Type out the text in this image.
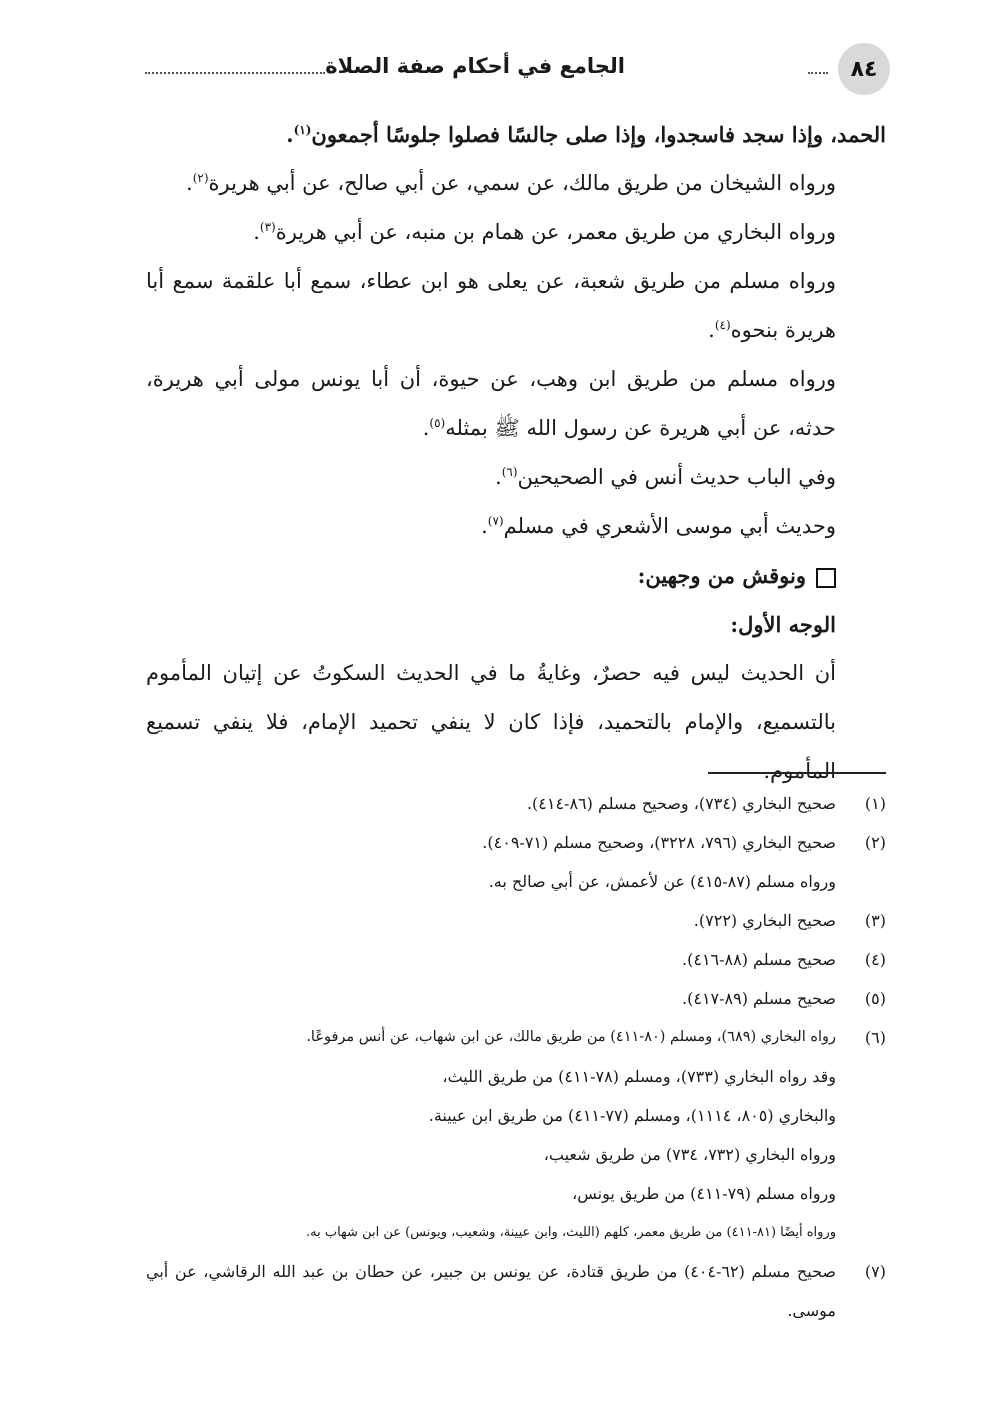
٨٤
الجامع في أحكام صفة الصلاة

الحمد، وإذا سجد فاسجدوا، وإذا صلى جالسًا فصلوا جلوسًا أجمعون$^{(١)}$.

ورواه الشيخان من طريق مالك، عن سمي، عن أبي صالح، عن أبي هريرة$^{(٢)}$.

ورواه البخاري من طريق معمر، عن همام بن منبه، عن أبي هريرة$^{(٣)}$.

ورواه مسلم من طريق شعبة، عن يعلى هو ابن عطاء، سمع أبا علقمة سمع أبا هريرة بنحوه$^{(٤)}$.

ورواه مسلم من طريق ابن وهب، عن حيوة، أن أبا يونس مولى أبي هريرة، حدثه، عن أبي هريرة عن رسول الله ﷺ بمثله$^{(٥)}$.

وفي الباب حديث أنس في الصحيحين$^{(٦)}$.

وحديث أبي موسى الأشعري في مسلم$^{(٧)}$.

ونوقش من وجهين:

الوجه الأول:

أن الحديث ليس فيه حصرٌ، وغايةُ ما في الحديث السكوتُ عن إتيان المأموم بالتسميع، والإمام بالتحميد، فإذا كان لا ينفي تحميد الإمام، فلا ينفي تسميع المأموم.

(١)
صحيح البخاري (٧٣٤)، وصحيح مسلم (٨٦-٤١٤).
(٢)
صحيح البخاري (٧٩٦، ٣٢٢٨)، وصحيح مسلم (٧١-٤٠٩).
ورواه مسلم (٨٧-٤١٥) عن لأعمش، عن أبي صالح به.
(٣)
صحيح البخاري (٧٢٢).
(٤)
صحيح مسلم (٨٨-٤١٦).
(٥)
صحيح مسلم (٨٩-٤١٧).
(٦)
رواه البخاري (٦٨٩)، ومسلم (٨٠-٤١١) من طريق مالك، عن ابن شهاب، عن أنس مرفوعًا.
وقد رواه البخاري (٧٣٣)، ومسلم (٧٨-٤١١) من طريق الليث،
والبخاري (٨٠٥، ١١١٤)، ومسلم (٧٧-٤١١) من طريق ابن عيينة.
ورواه البخاري (٧٣٢، ٧٣٤) من طريق شعيب،
ورواه مسلم (٧٩-٤١١) من طريق يونس،
ورواه أيضًا (٨١-٤١١) من طريق معمر، كلهم (الليث، وابن عيينة، وشعيب، ويونس) عن ابن شهاب به.
(٧)
صحيح مسلم (٦٢-٤٠٤) من طريق قتادة، عن يونس بن جبير، عن حطان بن عبد الله الرقاشي، عن أبي موسى.
